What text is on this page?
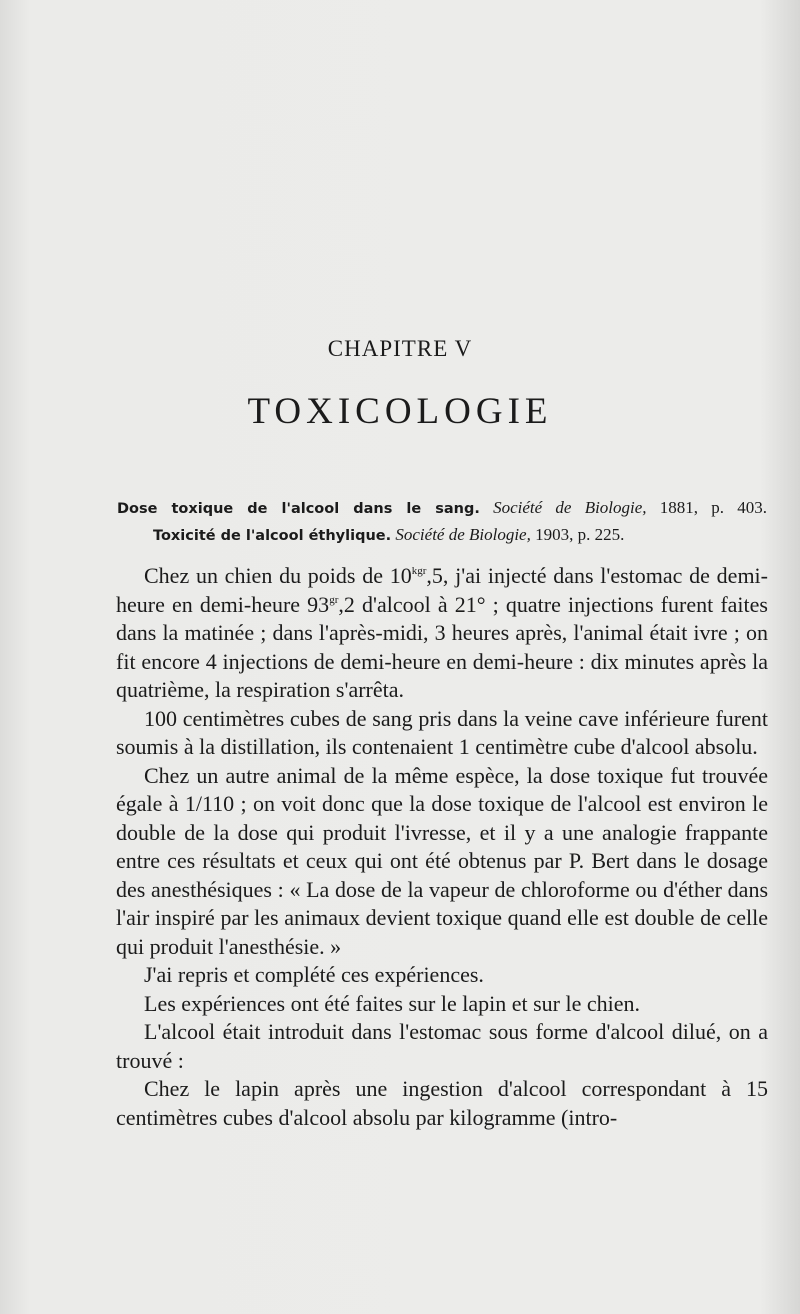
CHAPITRE V
TOXICOLOGIE
Dose toxique de l'alcool dans le sang. Société de Biologie, 1881, p. 403.
Toxicité de l'alcool éthylique. Société de Biologie, 1903, p. 225.

Chez un chien du poids de $10^{kgr},5$, j'ai injecté dans l'estomac de demi-heure en demi-heure $93^{gr},2$ d'alcool à 21° ; quatre injections furent faites dans la matinée ; dans l'après-midi, 3 heures après, l'animal était ivre ; on fit encore 4 injections de demi-heure en demi-heure : dix minutes après la quatrième, la respiration s'arrêta.

100 centimètres cubes de sang pris dans la veine cave inférieure furent soumis à la distillation, ils contenaient 1 centimètre cube d'alcool absolu.

Chez un autre animal de la même espèce, la dose toxique fut trouvée égale à 1/110 ; on voit donc que la dose toxique de l'alcool est environ le double de la dose qui produit l'ivresse, et il y a une analogie frappante entre ces résultats et ceux qui ont été obtenus par P. Bert dans le dosage des anesthésiques : « La dose de la vapeur de chloroforme ou d'éther dans l'air inspiré par les animaux devient toxique quand elle est double de celle qui produit l'anesthésie. »

J'ai repris et complété ces expériences.

Les expériences ont été faites sur le lapin et sur le chien.

L'alcool était introduit dans l'estomac sous forme d'alcool dilué, on a trouvé :

Chez le lapin après une ingestion d'alcool correspondant à 15 centimètres cubes d'alcool absolu par kilogramme (intro-
